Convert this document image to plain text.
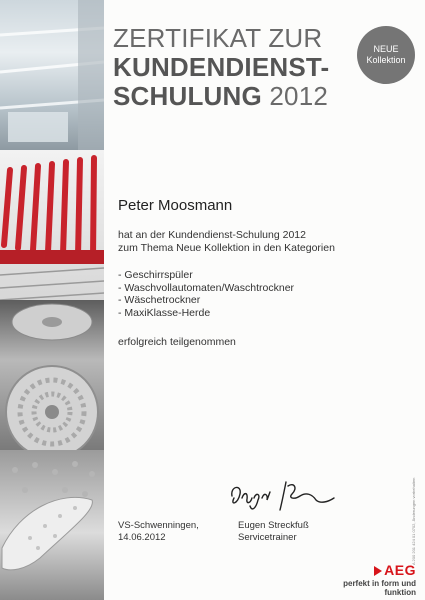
ZERTIFIKAT ZUR
KUNDENDIENST-
SCHULUNG 2012
NEUE
Kollektion
Peter Moosmann
hat an der Kundendienst-Schulung 2012
zum Thema Neue Kollektion in den Kategorien
- Geschirrspüler
- Waschvollautomaten/Waschtrockner
- Wäschetrockner
- MaxiKlasse-Herde
erfolgreich teilgenommen
VS-Schwenningen,
14.06.2012
Eugen Streckfuß
Servicetrainer
AEG
perfekt in form und funktion
A 200 201 424 01 0702, Änderungen vorbehalten
